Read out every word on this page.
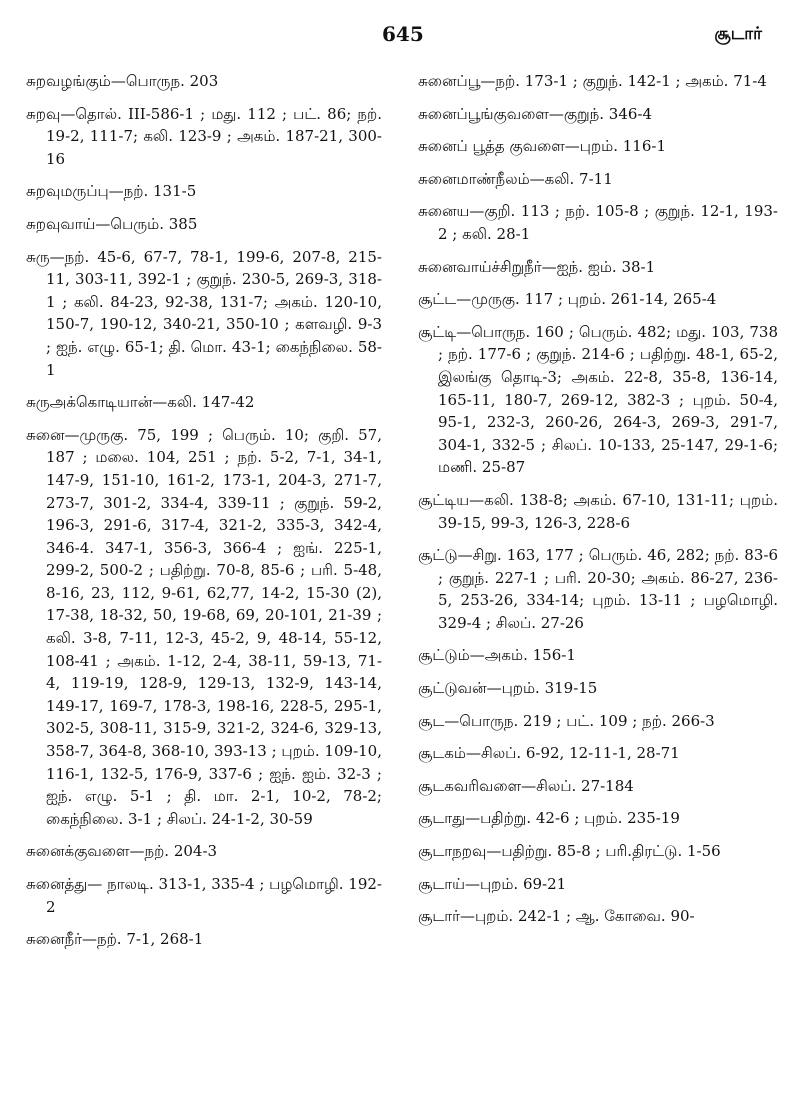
645	சூடார்

சுறவழங்கும்—பொருந. 203

சுறவு—தொல். III-586-1 ; மது. 112 ; பட். 86; நற். 19-2, 111-7; கலி. 123-9 ; அகம். 187-21, 300-16

சுறவுமருப்பு—நற். 131-5

சுறவுவாய்—பெரும். 385

சுரு—நற். 45-6, 67-7, 78-1, 199-6, 207-8, 215-11, 303-11, 392-1 ; குறுந். 230-5, 269-3, 318-1 ; கலி. 84-23, 92-38, 131-7; அகம். 120-10, 150-7, 190-12, 340-21, 350-10 ; களவழி. 9-3 ; ஐந். எழு. 65-1; தி. மொ. 43-1; கைந்நிலை. 58-1

சுருஅக்கொடியான்—கலி. 147-42

சுனை—முருகு. 75, 199 ; பெரும். 10; குறி. 57, 187 ; மலை. 104, 251 ; நற். 5-2, 7-1, 34-1, 147-9, 151-10, 161-2, 173-1, 204-3, 271-7, 273-7, 301-2, 334-4, 339-11 ; குறுந். 59-2, 196-3, 291-6, 317-4, 321-2, 335-3, 342-4, 346-4. 347-1, 356-3, 366-4 ; ஐங். 225-1, 299-2, 500-2 ; பதிற்று. 70-8, 85-6 ; பரி. 5-48, 8-16, 23, 112, 9-61, 62,77, 14-2, 15-30 (2), 17-38, 18-32, 50, 19-68, 69, 20-101, 21-39 ; கலி. 3-8, 7-11, 12-3, 45-2, 9, 48-14, 55-12, 108-41 ; அகம். 1-12, 2-4, 38-11, 59-13, 71-4, 119-19, 128-9, 129-13, 132-9, 143-14, 149-17, 169-7, 178-3, 198-16, 228-5, 295-1, 302-5, 308-11, 315-9, 321-2, 324-6, 329-13, 358-7, 364-8, 368-10, 393-13 ; புறம். 109-10, 116-1, 132-5, 176-9, 337-6 ; ஐந். ஐம். 32-3 ; ஐந். எழு. 5-1 ; தி. மா. 2-1, 10-2, 78-2; கைந்நிலை. 3-1 ; சிலப். 24-1-2, 30-59

சுனைக்குவளை—நற். 204-3

சுனைத்து— நாலடி. 313-1, 335-4 ; பழமொழி. 192-2

சுனைநீர்—நற். 7-1, 268-1

சுனைப்பூ—நற். 173-1 ; குறுந். 142-1 ; அகம். 71-4

சுனைப்பூங்குவளை—குறுந். 346-4

சுனைப் பூத்த குவளை—புறம். 116-1

சுனைமாண்நீலம்—கலி. 7-11

சுனைய—குறி. 113 ; நற். 105-8 ; குறுந். 12-1, 193-2 ; கலி. 28-1

சுனைவாய்ச்சிறுநீர்—ஐந். ஐம். 38-1

சூட்ட—முருகு. 117 ; புறம். 261-14, 265-4

சூட்டி—பொருந. 160 ; பெரும். 482; மது. 103, 738 ; நற். 177-6 ; குறுந். 214-6 ; பதிற்று. 48-1, 65-2, இலங்கு தொடி-3; அகம். 22-8, 35-8, 136-14, 165-11, 180-7, 269-12, 382-3 ; புறம். 50-4, 95-1, 232-3, 260-26, 264-3, 269-3, 291-7, 304-1, 332-5 ; சிலப். 10-133, 25-147, 29-1-6; மணி. 25-87

சூட்டிய—கலி. 138-8; அகம். 67-10, 131-11; புறம். 39-15, 99-3, 126-3, 228-6

சூட்டு—சிறு. 163, 177 ; பெரும். 46, 282; நற். 83-6 ; குறுந். 227-1 ; பரி. 20-30; அகம். 86-27, 236-5, 253-26, 334-14; புறம். 13-11 ; பழமொழி. 329-4 ; சிலப். 27-26

சூட்டும்—அகம். 156-1

சூட்டுவன்—புறம். 319-15

சூட—பொருந. 219 ; பட். 109 ; நற். 266-3

சூடகம்—சிலப். 6-92, 12-11-1, 28-71

சூடகவரிவளை—சிலப். 27-184

சூடாது—பதிற்று. 42-6 ; புறம். 235-19

சூடாநறவு—பதிற்று. 85-8 ; பரி.திரட்டு. 1-56

சூடாய்—புறம். 69-21

சூடார்—புறம். 242-1 ; ஆ. கோவை. 90-
